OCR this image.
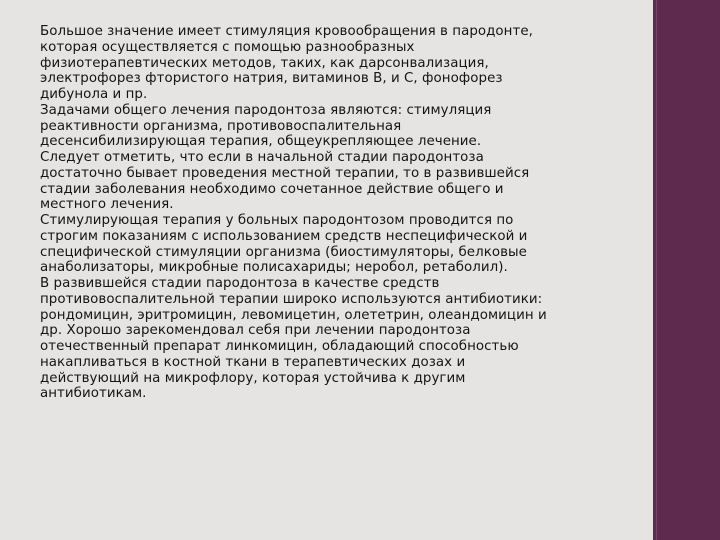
Большое значение имеет стимуляция кровообращения в пародонте,
которая осуществляется с помощью разнообразных
физиотерапевтических методов, таких, как дарсонвализация,
электрофорез фтористого натрия, витаминов В, и С, фонофорез
дибунола и пр.

Задачами общего лечения пародонтоза являются: стимуляция
реактивности организма, противовоспалительная
десенсибилизирующая терапия, общеукрепляющее лечение.
Следует отметить, что если в начальной стадии пародонтоза
достаточно бывает проведения местной терапии, то в развившейся
стадии заболевания необходимо сочетанное действие общего и
местного лечения.

Стимулирующая терапия у больных пародонтозом проводится по
строгим показаниям с использованием средств неспецифической и
специфической стимуляции организма (биостимуляторы, белковые
анаболизаторы, микробные полисахариды; неробол, ретаболил).

В развившейся стадии пародонтоза в качестве средств
противовоспалительной терапии широко используются антибиотики:
рондомицин, эритромицин, левомицетин, олететрин, олеандомицин и
др. Хорошо зарекомендовал себя при лечении пародонтоза
отечественный препарат линкомицин, обладающий способностью
накапливаться в костной ткани в терапевтических дозах и
действующий на микрофлору, которая устойчива к другим
антибиотикам.
